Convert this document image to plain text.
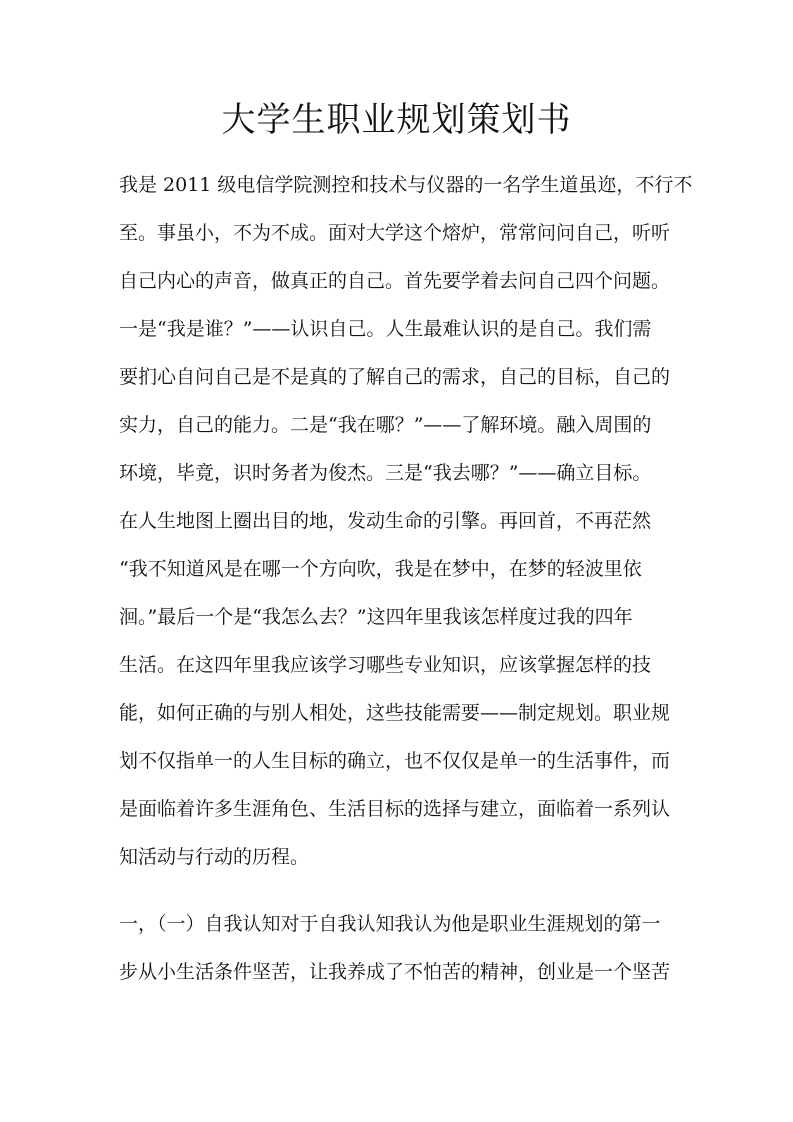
大学生职业规划策划书
我是 2011 级电信学院测控和技术与仪器的一名学生道虽迩，不行不
至。事虽小，不为不成。面对大学这个熔炉，常常问问自己，听听
自己内心的声音，做真正的自己。首先要学着去问自己四个问题。
一是“我是谁？”——认识自己。人生最难认识的是自己。我们需
要扪心自问自己是不是真的了解自己的需求，自己的目标，自己的
实力，自己的能力。二是“我在哪？”——了解环境。融入周围的
环境，毕竟，识时务者为俊杰。三是“我去哪？”——确立目标。
在人生地图上圈出目的地，发动生命的引擎。再回首，不再茫然
“我不知道风是在哪一个方向吹，我是在梦中，在梦的轻波里依
洄。”最后一个是“我怎么去？”这四年里我该怎样度过我的四年
生活。在这四年里我应该学习哪些专业知识，应该掌握怎样的技
能，如何正确的与别人相处，这些技能需要——制定规划。职业规
划不仅指单一的人生目标的确立，也不仅仅是单一的生活事件，而
是面临着许多生涯角色、生活目标的选择与建立，面临着一系列认
知活动与行动的历程。
一，（一）自我认知对于自我认知我认为他是职业生涯规划的第一
步从小生活条件坚苦，让我养成了不怕苦的精神，创业是一个坚苦
